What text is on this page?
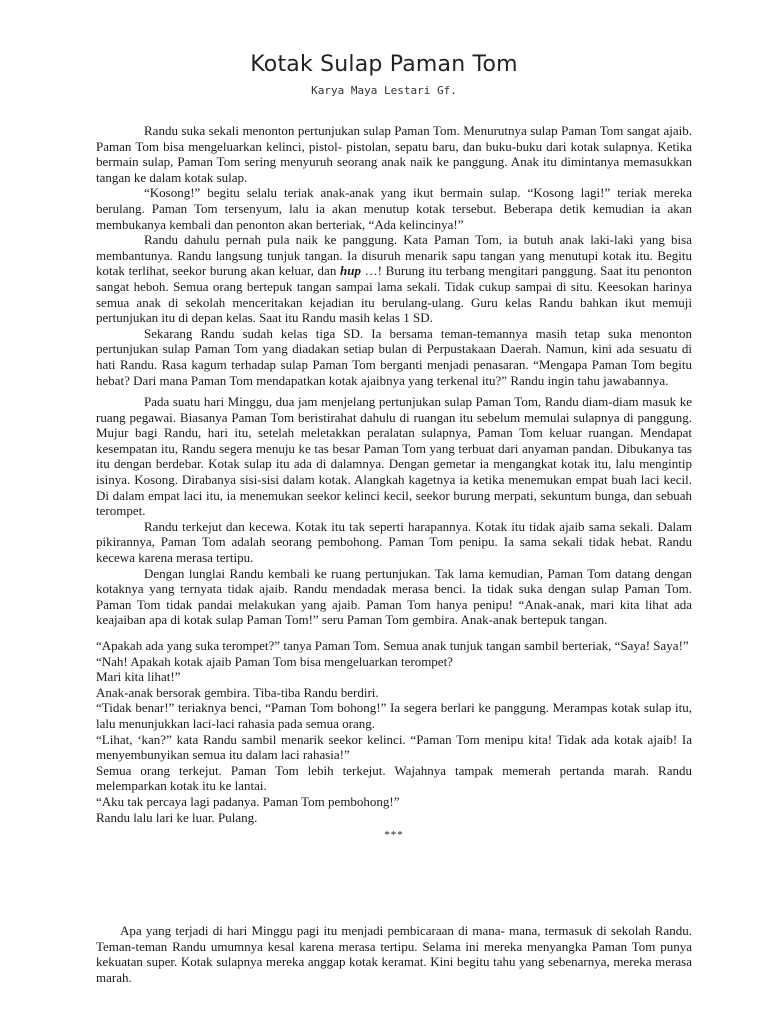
Kotak Sulap Paman Tom
Karya Maya Lestari Gf.

Randu suka sekali menonton pertunjukan sulap Paman Tom. Menurutnya sulap Paman Tom sangat ajaib. Paman Tom bisa mengeluarkan kelinci, pistol- pistolan, sepatu baru, dan buku-buku dari kotak sulapnya. Ketika bermain sulap, Paman Tom sering menyuruh seorang anak naik ke panggung. Anak itu dimintanya memasukkan tangan ke dalam kotak sulap.

“Kosong!” begitu selalu teriak anak-anak yang ikut bermain sulap. “Kosong lagi!” teriak mereka berulang. Paman Tom tersenyum, lalu ia akan menutup kotak tersebut. Beberapa detik kemudian ia akan membukanya kembali dan penonton akan berteriak, “Ada kelincinya!”

Randu dahulu pernah pula naik ke panggung. Kata Paman Tom, ia butuh anak laki-laki yang bisa membantunya. Randu langsung tunjuk tangan. Ia disuruh menarik sapu tangan yang menutupi kotak itu. Begitu kotak terlihat, seekor burung akan keluar, dan hup …! Burung itu terbang mengitari panggung. Saat itu penonton sangat heboh. Semua orang bertepuk tangan sampai lama sekali. Tidak cukup sampai di situ. Keesokan harinya semua anak di sekolah menceritakan kejadian itu berulang-ulang. Guru kelas Randu bahkan ikut memuji pertunjukan itu di depan kelas. Saat itu Randu masih kelas 1 SD.

Sekarang Randu sudah kelas tiga SD. Ia bersama teman-temannya masih tetap suka menonton pertunjukan sulap Paman Tom yang diadakan setiap bulan di Perpustakaan Daerah. Namun, kini ada sesuatu di hati Randu. Rasa kagum terhadap sulap Paman Tom berganti menjadi penasaran. “Mengapa Paman Tom begitu hebat? Dari mana Paman Tom mendapatkan kotak ajaibnya yang terkenal itu?” Randu ingin tahu jawabannya.

Pada suatu hari Minggu, dua jam menjelang pertunjukan sulap Paman Tom, Randu diam-diam masuk ke ruang pegawai. Biasanya Paman Tom beristirahat dahulu di ruangan itu sebelum memulai sulapnya di panggung. Mujur bagi Randu, hari itu, setelah meletakkan peralatan sulapnya, Paman Tom keluar ruangan. Mendapat kesempatan itu, Randu segera menuju ke tas besar Paman Tom yang terbuat dari anyaman pandan. Dibukanya tas itu dengan berdebar. Kotak sulap itu ada di dalamnya. Dengan gemetar ia mengangkat kotak itu, lalu mengintip isinya. Kosong. Dirabanya sisi-sisi dalam kotak. Alangkah kagetnya ia ketika menemukan empat buah laci kecil. Di dalam empat laci itu, ia menemukan seekor kelinci kecil, seekor burung merpati, sekuntum bunga, dan sebuah terompet.

Randu terkejut dan kecewa. Kotak itu tak seperti harapannya. Kotak itu tidak ajaib sama sekali. Dalam pikirannya, Paman Tom adalah seorang pembohong. Paman Tom penipu. Ia sama sekali tidak hebat. Randu kecewa karena merasa tertipu.

Dengan lunglai Randu kembali ke ruang pertunjukan. Tak lama kemudian, Paman Tom datang dengan kotaknya yang ternyata tidak ajaib. Randu mendadak merasa benci. Ia tidak suka dengan sulap Paman Tom. Paman Tom tidak pandai melakukan yang ajaib. Paman Tom hanya penipu! “Anak-anak, mari kita lihat ada keajaiban apa di kotak sulap Paman Tom!” seru Paman Tom gembira. Anak-anak bertepuk tangan.

“Apakah ada yang suka terompet?” tanya Paman Tom. Semua anak tunjuk tangan sambil berteriak, “Saya! Saya!”

“Nah! Apakah kotak ajaib Paman Tom bisa mengeluarkan terompet?

Mari kita lihat!”

Anak-anak bersorak gembira. Tiba-tiba Randu berdiri.

“Tidak benar!” teriaknya benci, “Paman Tom bohong!” Ia segera berlari ke panggung. Merampas kotak sulap itu, lalu menunjukkan laci-laci rahasia pada semua orang.

“Lihat, ‘kan?” kata Randu sambil menarik seekor kelinci. “Paman Tom menipu kita! Tidak ada kotak ajaib! Ia menyembunyikan semua itu dalam laci rahasia!”

Semua orang terkejut. Paman Tom lebih terkejut. Wajahnya tampak memerah pertanda marah. Randu melemparkan kotak itu ke lantai.

“Aku tak percaya lagi padanya. Paman Tom pembohong!”

Randu lalu lari ke luar. Pulang.

***

Apa yang terjadi di hari Minggu pagi itu menjadi pembicaraan di mana- mana, termasuk di sekolah Randu. Teman-teman Randu umumnya kesal karena merasa tertipu. Selama ini mereka menyangka Paman Tom punya kekuatan super. Kotak sulapnya mereka anggap kotak keramat. Kini begitu tahu yang sebenarnya, mereka merasa marah.
